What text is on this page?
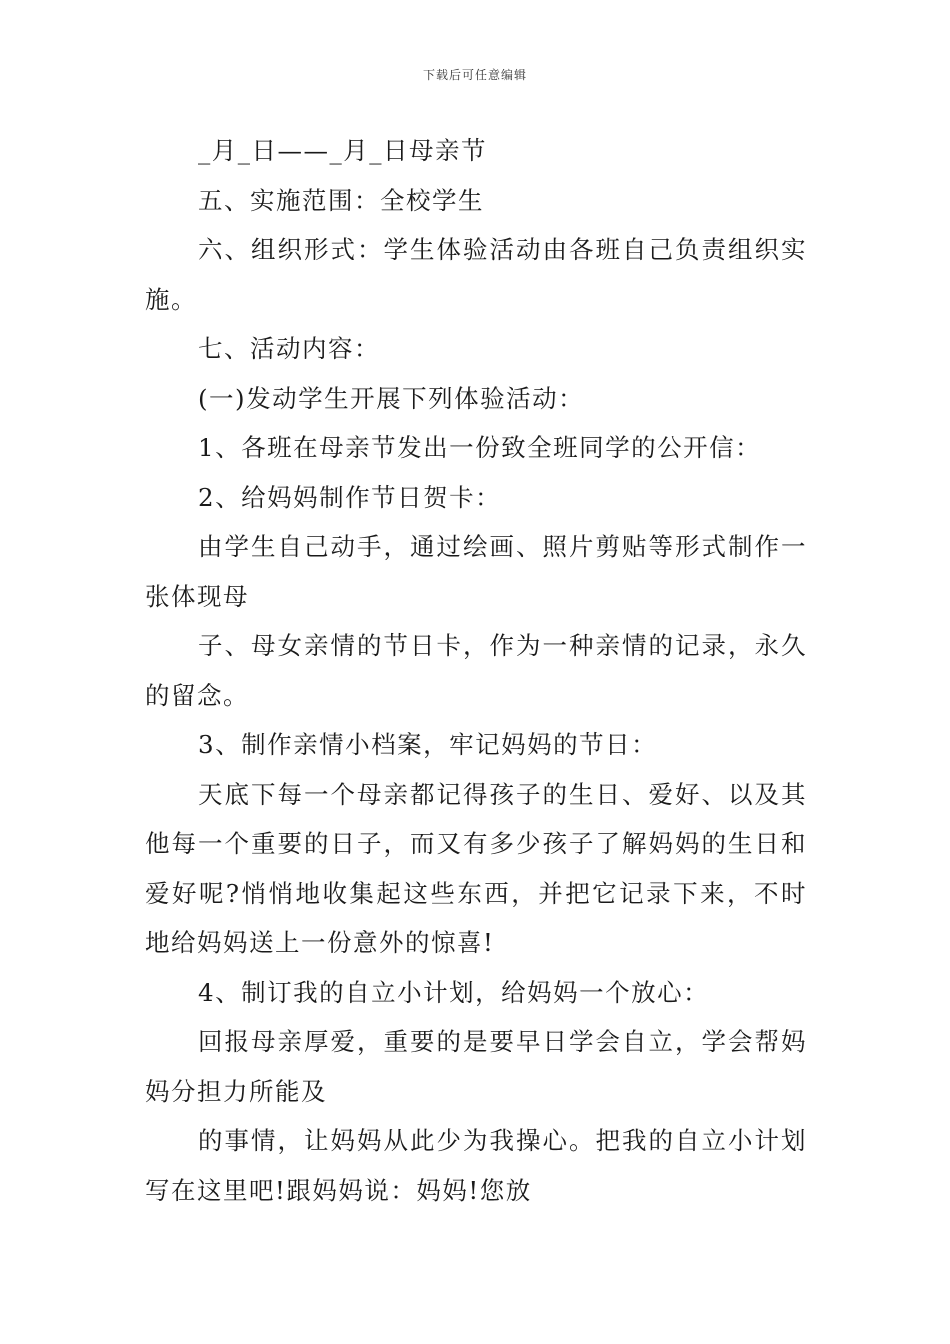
下载后可任意编辑

_月_日——_月_日母亲节

五、实施范围：全校学生

六、组织形式：学生体验活动由各班自己负责组织实施。

七、活动内容：

(一)发动学生开展下列体验活动：

1、各班在母亲节发出一份致全班同学的公开信：

2、给妈妈制作节日贺卡：

由学生自己动手，通过绘画、照片剪贴等形式制作一张体现母

子、母女亲情的节日卡，作为一种亲情的记录，永久的留念。

3、制作亲情小档案，牢记妈妈的节日：

天底下每一个母亲都记得孩子的生日、爱好、以及其他每一个重要的日子，而又有多少孩子了解妈妈的生日和爱好呢?悄悄地收集起这些东西，并把它记录下来，不时地给妈妈送上一份意外的惊喜!

4、制订我的自立小计划，给妈妈一个放心：

回报母亲厚爱，重要的是要早日学会自立，学会帮妈妈分担力所能及

的事情，让妈妈从此少为我操心。把我的自立小计划写在这里吧!跟妈妈说：妈妈!您放
